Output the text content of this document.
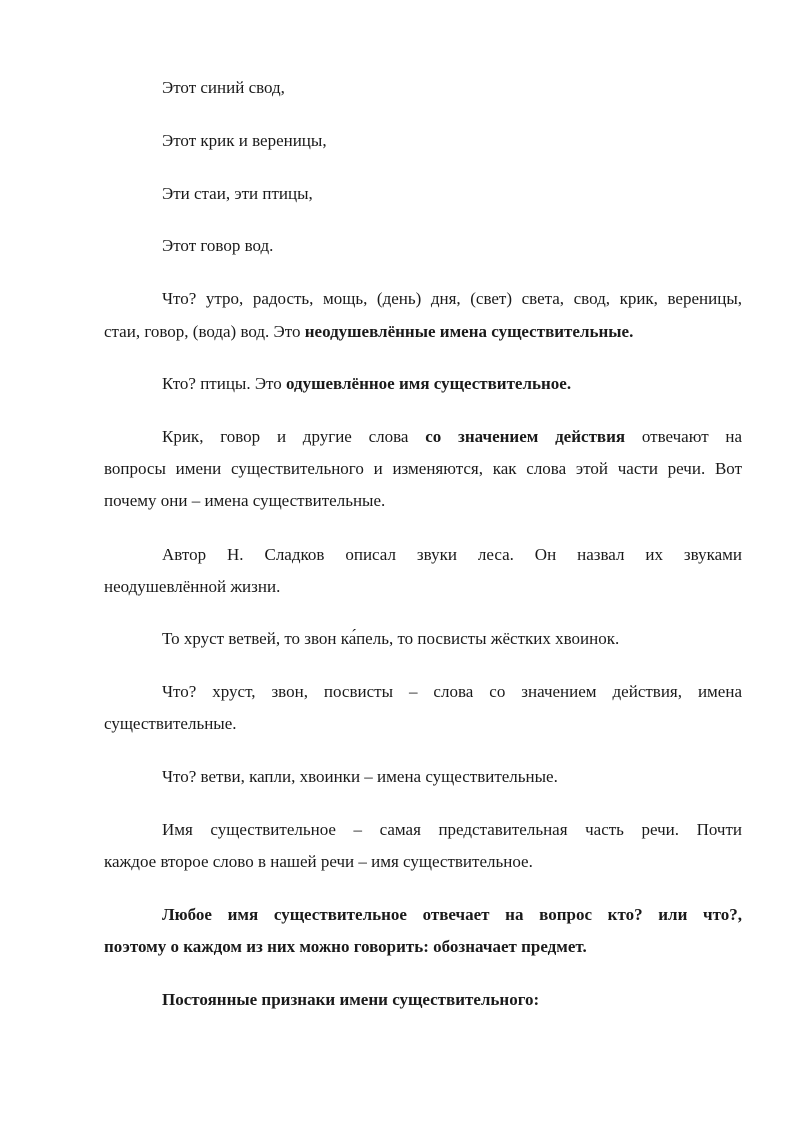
Этот синий свод,

Этот крик и вереницы,

Эти стаи, эти птицы,

Этот говор вод.

Что? утро, радость, мощь, (день) дня, (свет) света, свод, крик, вереницы,

стаи, говор, (вода) вод. Это неодушевлённые имена существительные.

Кто? птицы. Это одушевлённое имя существительное.

Крик, говор и другие слова со значением действия отвечают на

вопросы имени существительного и изменяются, как слова этой части речи. Вот

почему они – имена существительные.

Автор Н. Сладков описал звуки леса. Он назвал их звуками

неодушевлённой жизни.

То хруст ветвей, то звон ка́пель, то посвисты жёстких хвоинок.

Что? хруст, звон, посвисты – слова со значением действия, имена

существительные.

Что? ветви, капли, хвоинки – имена существительные.

Имя существительное – самая представительная часть речи. Почти

каждое второе слово в нашей речи – имя существительное.

Любое имя существительное отвечает на вопрос кто? или что?,

поэтому о каждом из них можно говорить: обозначает предмет.

Постоянные признаки имени существительного:
